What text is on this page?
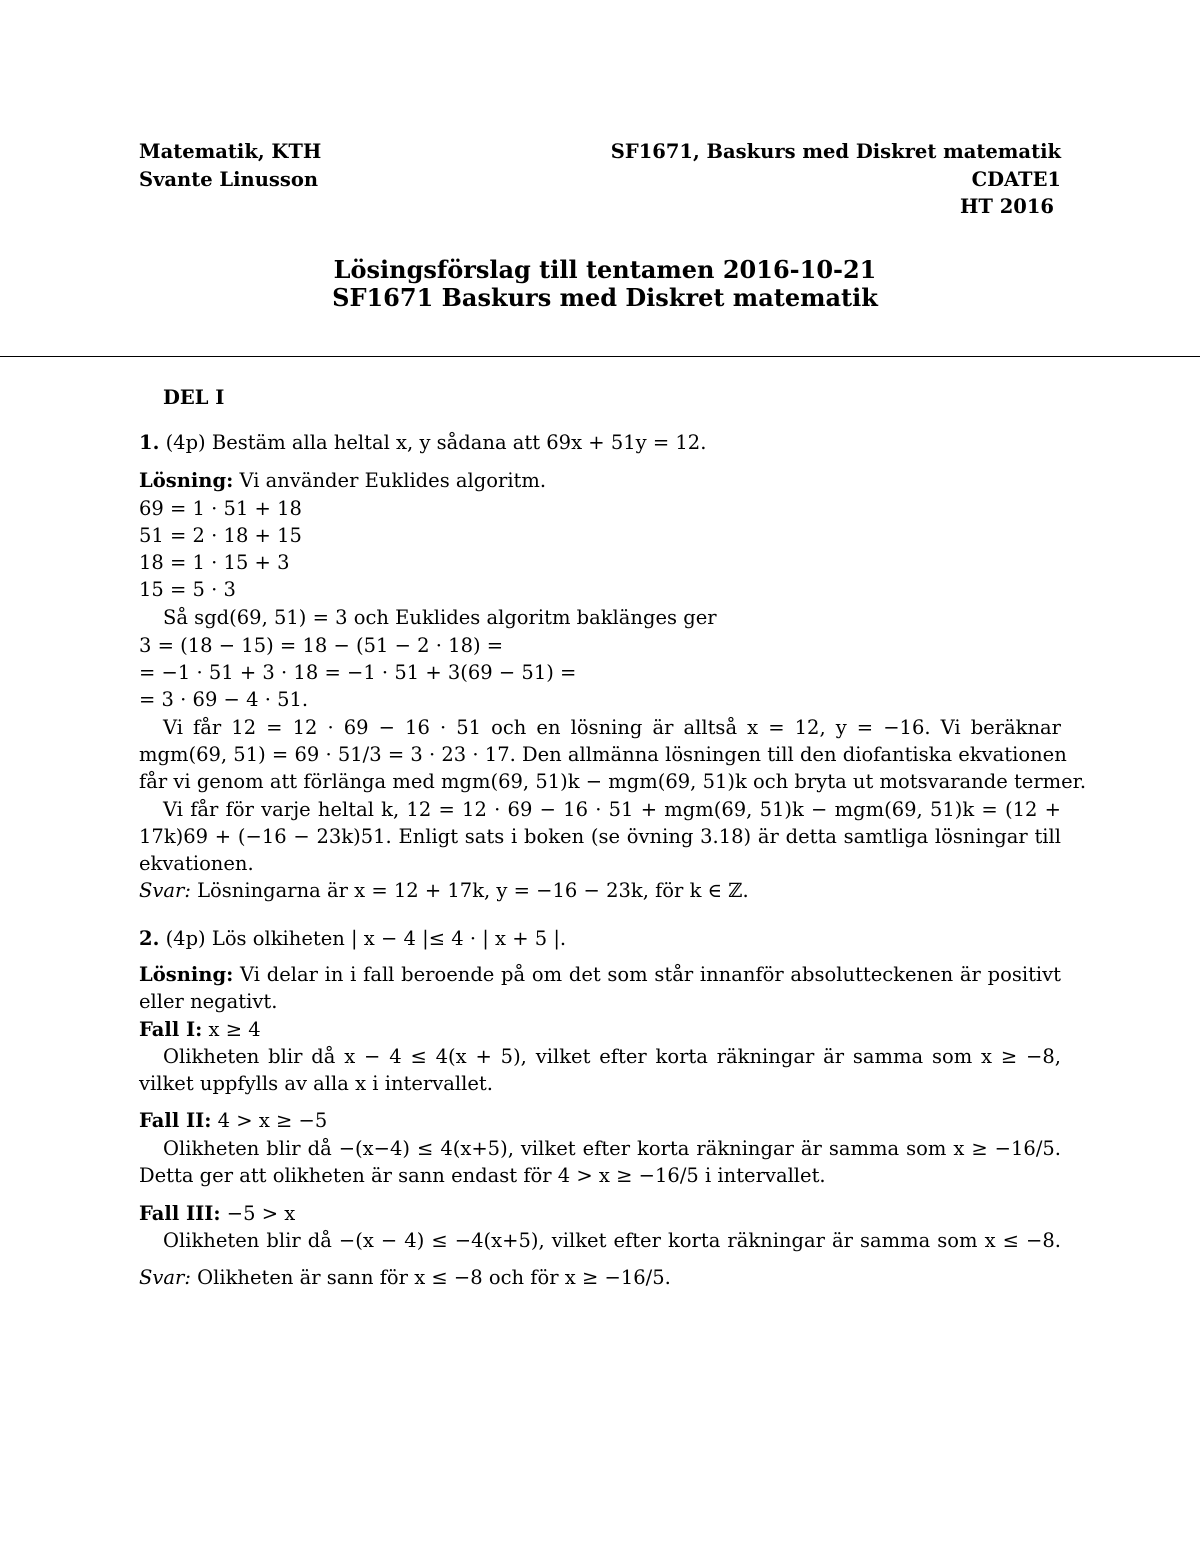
Matematik, KTH
Svante Linusson
SF1671, Baskurs med Diskret matematik
CDATE1
HT 2016
Lösingsförslag till tentamen 2016-10-21
SF1671 Baskurs med Diskret matematik
DEL I
1. (4p) Bestäm alla heltal x, y sådana att 69x + 51y = 12.
Lösning: Vi använder Euklides algoritm.
69 = 1 · 51 + 18
51 = 2 · 18 + 15
18 = 1 · 15 + 3
15 = 5 · 3
Så sgd(69, 51) = 3 och Euklides algoritm baklänges ger
3 = (18 − 15) = 18 − (51 − 2 · 18) =
= −1 · 51 + 3 · 18 = −1 · 51 + 3(69 − 51) =
= 3 · 69 − 4 · 51.
Vi får 12 = 12 · 69 − 16 · 51 och en lösning är alltså x = 12, y = −16. Vi beräknar
mgm(69, 51) = 69 · 51/3 = 3 · 23 · 17. Den allmänna lösningen till den diofantiska ekvationen
får vi genom att förlänga med mgm(69, 51)k − mgm(69, 51)k och bryta ut motsvarande termer.
Vi får för varje heltal k, 12 = 12 · 69 − 16 · 51 + mgm(69, 51)k − mgm(69, 51)k = (12 +
17k)69 + (−16 − 23k)51. Enligt sats i boken (se övning 3.18) är detta samtliga lösningar till
ekvationen.
Svar: Lösningarna är x = 12 + 17k, y = −16 − 23k, för k ∈ ℤ.
2. (4p) Lös olkiheten | x − 4 |≤ 4 · | x + 5 |.
Lösning: Vi delar in i fall beroende på om det som står innanför absolutteckenen är positivt
eller negativt.
Fall I: x ≥ 4
Olikheten blir då x − 4 ≤ 4(x + 5), vilket efter korta räkningar är samma som x ≥ −8,
vilket uppfylls av alla x i intervallet.
Fall II: 4 > x ≥ −5
Olikheten blir då −(x−4) ≤ 4(x+5), vilket efter korta räkningar är samma som x ≥ −16/5.
Detta ger att olikheten är sann endast för 4 > x ≥ −16/5 i intervallet.
Fall III: −5 > x
Olikheten blir då −(x − 4) ≤ −4(x+5), vilket efter korta räkningar är samma som x ≤ −8.
Svar: Olikheten är sann för x ≤ −8 och för x ≥ −16/5.
